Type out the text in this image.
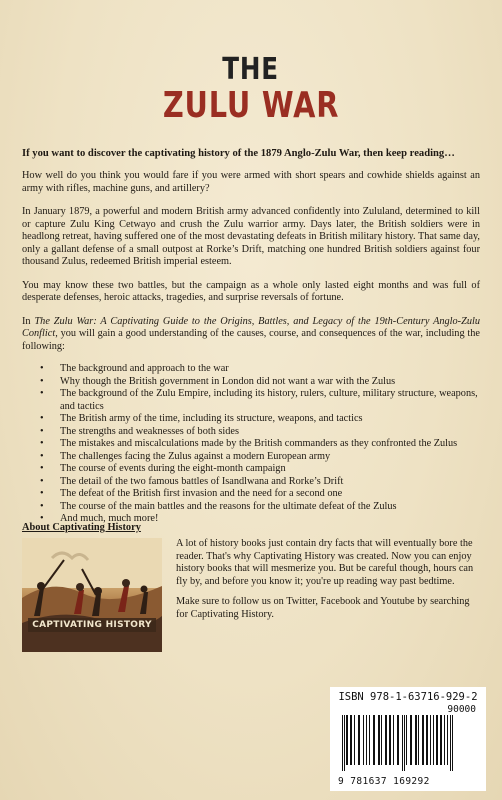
THE
ZULU WAR

If you want to discover the captivating history of the 1879 Anglo-Zulu War, then keep reading…

How well do you think you would fare if you were armed with short spears and cowhide shields against an army with rifles, machine guns, and artillery?

In January 1879, a powerful and modern British army advanced confidently into Zululand, determined to kill or capture Zulu King Cetwayo and crush the Zulu warrior army. Days later, the British soldiers were in headlong retreat, having suffered one of the most devastating defeats in British military history. That same day, only a gallant defense of a small outpost at Rorke’s Drift, matching one hundred British soldiers against four thousand Zulus, redeemed British imperial esteem.

You may know these two battles, but the campaign as a whole only lasted eight months and was full of desperate defenses, heroic attacks, tragedies, and surprise reversals of fortune.

In The Zulu War: A Captivating Guide to the Origins, Battles, and Legacy of the 19th-Century Anglo-Zulu Conflict, you will gain a good understanding of the causes, course, and consequences of the war, including the following:

• The background and approach to the war
• Why though the British government in London did not want a war with the Zulus
• The background of the Zulu Empire, including its history, rulers, culture, military structure, weapons, and tactics
• The British army of the time, including its structure, weapons, and tactics
• The strengths and weaknesses of both sides
• The mistakes and miscalculations made by the British commanders as they confronted the Zulus
• The challenges facing the Zulus against a modern European army
• The course of events during the eight-month campaign
• The detail of the two famous battles of Isandlwana and Rorke’s Drift
• The defeat of the British first invasion and the need for a second one
• The course of the main battles and the reasons for the ultimate defeat of the Zulus
• And much, much more!

About Captivating History

CAPTIVATING HISTORY

A lot of history books just contain dry facts that will eventually bore the reader. That's why Captivating History was created. Now you can enjoy history books that will mesmerize you. But be careful though, hours can fly by, and before you know it; you're up reading way past bedtime.

Make sure to follow us on Twitter, Facebook and Youtube by searching for Captivating History.

ISBN 978-1-63716-929-2
90000
9 781637 169292
